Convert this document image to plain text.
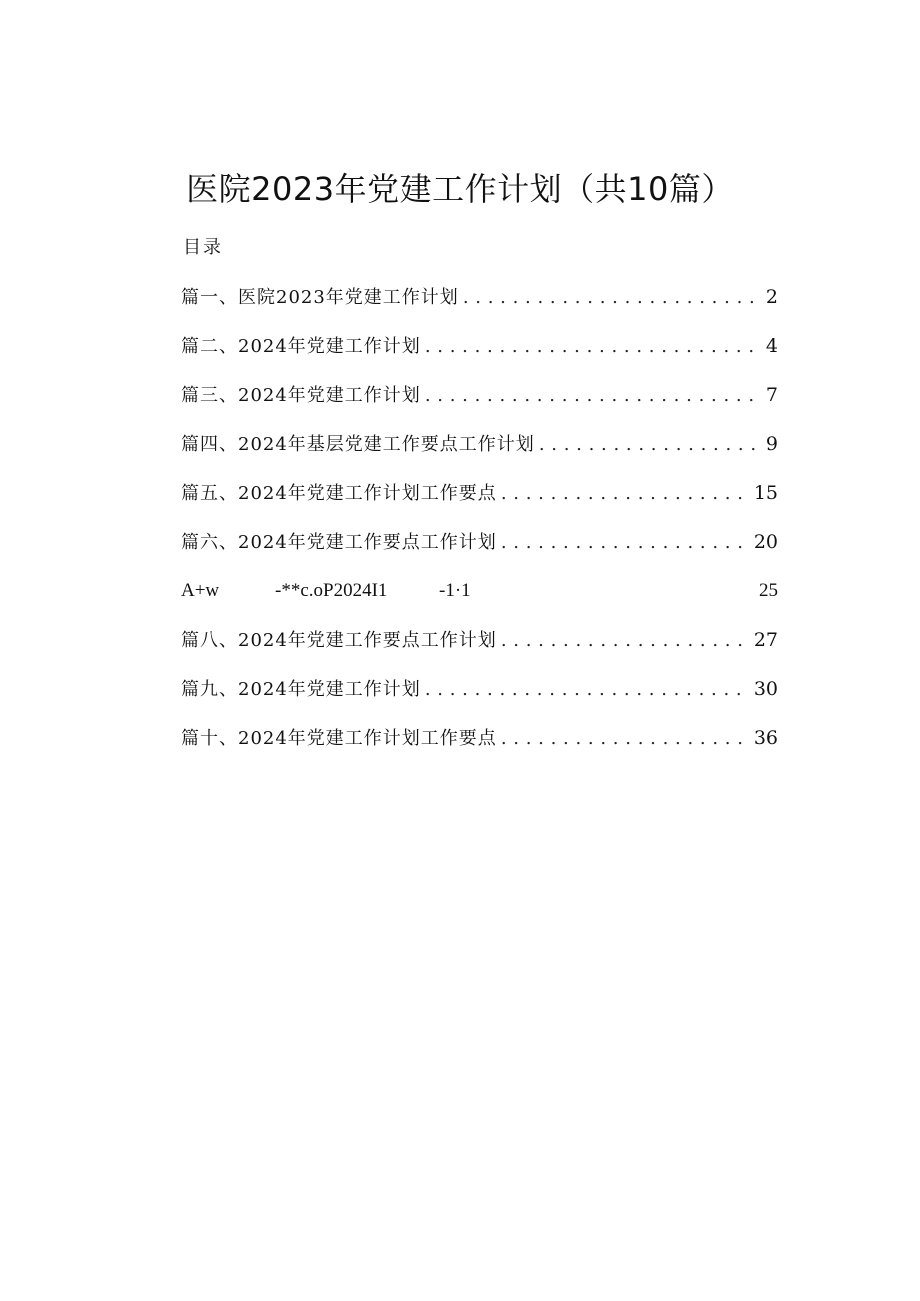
医院2023年党建工作计划（共10篇）
目录
篇一、医院2023年党建工作计划 . . .	2
篇二、2024年党建工作计划 . . .	4
篇三、2024年党建工作计划 . . .	7
篇四、2024年基层党建工作要点工作计划 . . .	9
篇五、2024年党建工作计划工作要点 . . .	15
篇六、2024年党建工作要点工作计划 . . .	20
A+w	-**c.oP2024I1	-1·1	25
篇八、2024年党建工作要点工作计划 . . .	27
篇九、2024年党建工作计划 . . .	30
篇十、2024年党建工作计划工作要点 . . .	36
